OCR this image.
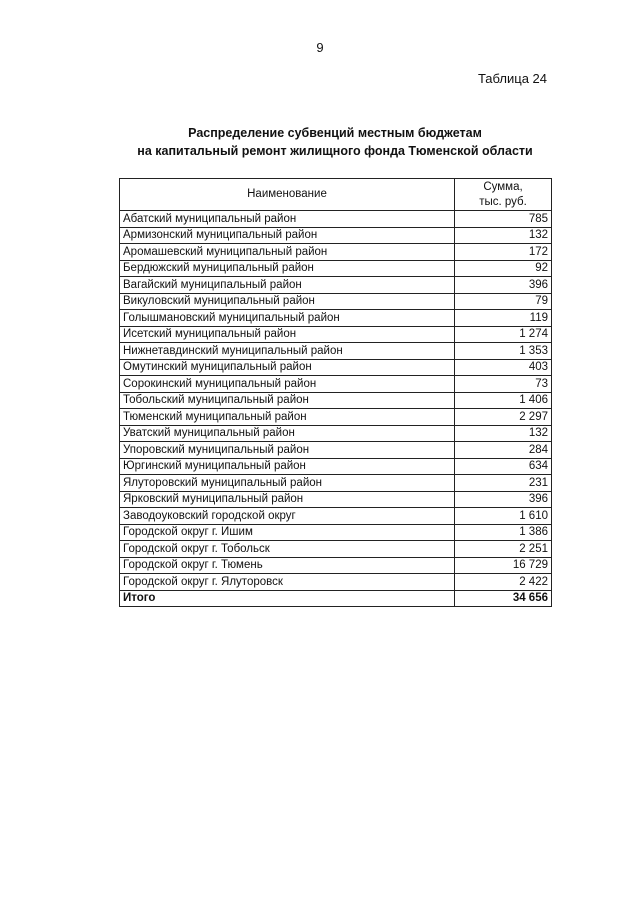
9
Таблица 24
Распределение субвенций местным бюджетам
на капитальный ремонт жилищного фонда Тюменской области
Наименование	Сумма,
тыс. руб.

Абатский муниципальный район	785
Армизонский муниципальный район	132
Аромашевский муниципальный район	172
Бердюжский муниципальный район	92
Вагайский муниципальный район	396
Викуловский муниципальный район	79
Голышмановский муниципальный район	119
Исетский муниципальный район	1 274
Нижнетавдинский муниципальный район	1 353
Омутинский муниципальный район	403
Сорокинский муниципальный район	73
Тобольский муниципальный район	1 406
Тюменский муниципальный район	2 297
Уватский муниципальный район	132
Упоровский муниципальный район	284
Юргинский муниципальный район	634
Ялуторовский муниципальный район	231
Ярковский муниципальный район	396
Заводоуковский городской округ	1 610
Городской округ г. Ишим	1 386
Городской округ г. Тобольск	2 251
Городской округ г. Тюмень	16 729
Городской округ г. Ялуторовск	2 422
Итого	34 656
